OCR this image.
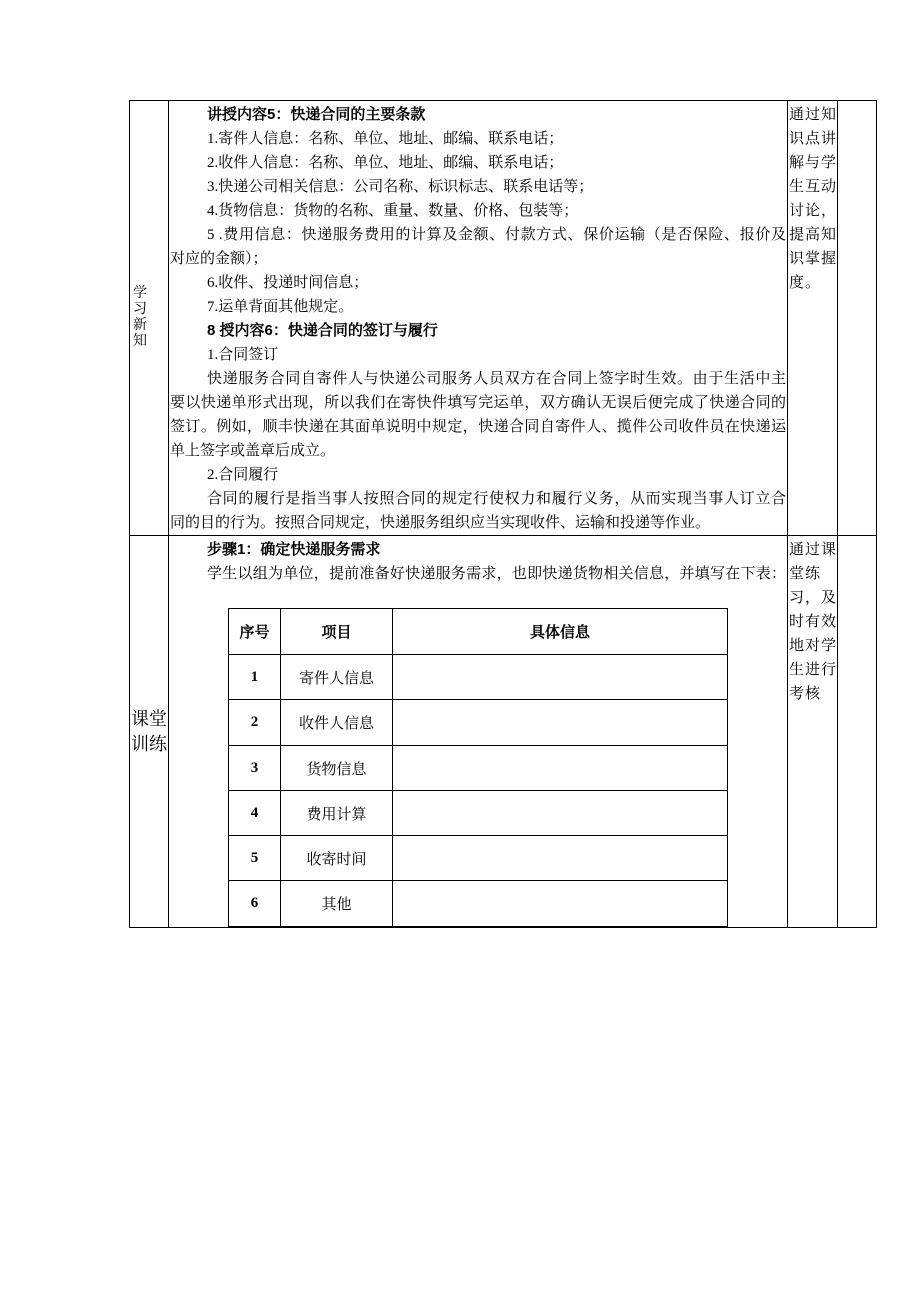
学习新知
讲授内容5：快递合同的主要条款
1.寄件人信息：名称、单位、地址、邮编、联系电话；
2.收件人信息：名称、单位、地址、邮编、联系电话；
3.快递公司相关信息：公司名称、标识标志、联系电话等；
4.货物信息：货物的名称、重量、数量、价格、包装等；
5 .费用信息：快递服务费用的计算及金额、付款方式、保价运输（是否保险、报价及
对应的金额）；
6.收件、投递时间信息；
7.运单背面其他规定。
8 授内容6：快递合同的签订与履行
1.合同签订
快递服务合同自寄件人与快递公司服务人员双方在合同上签字时生效。由于生活中主
要以快递单形式出现，所以我们在寄快件填写完运单，双方确认无误后便完成了快递合同的
签订。例如，顺丰快递在其面单说明中规定，快递合同自寄件人、揽件公司收件员在快递运
单上签字或盖章后成立。
2.合同履行
合同的履行是指当事人按照合同的规定行使权力和履行义务，从而实现当事人订立合
同的目的行为。按照合同规定，快递服务组织应当实现收件、运输和投递等作业。
通过知
识点讲
解与学
生互动
讨论，
提高知
识掌握
度。
课堂训练
步骤1：确定快递服务需求
学生以组为单位，提前准备好快递服务需求，也即快递货物相关信息，并填写在下表：
序号	项目	具体信息
1	寄件人信息
2	收件人信息
3	货物信息
4	费用计算
5	收寄时间
6	其他
通过课
堂练
习，及
时有效
地对学
生进行
考核
